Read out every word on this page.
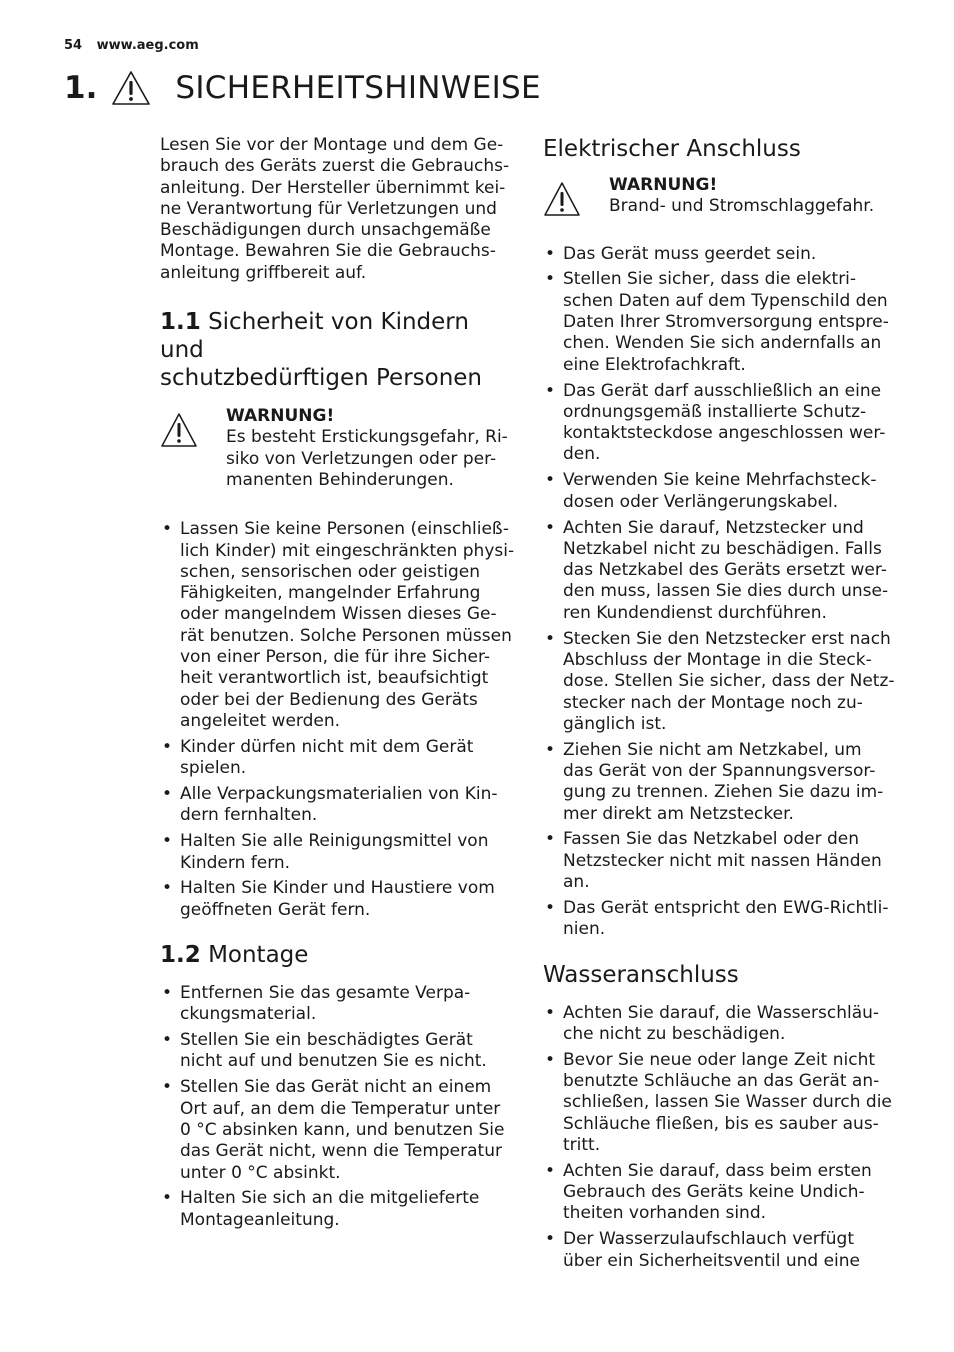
54 www.aeg.com
1.	SICHERHEITSHINWEISE

Lesen Sie vor der Montage und dem Ge-
brauch des Geräts zuerst die Gebrauchs-
anleitung. Der Hersteller übernimmt kei-
ne Verantwortung für Verletzungen und
Beschädigungen durch unsachgemäße
Montage. Bewahren Sie die Gebrauchs-
anleitung griffbereit auf.

1.1 Sicherheit von Kindern und
schutzbedürftigen Personen
WARNUNG!
Es besteht Erstickungsgefahr, Ri-
siko von Verletzungen oder per-
manenten Behinderungen.
• Lassen Sie keine Personen (einschließ-
lich Kinder) mit eingeschränkten physi-
schen, sensorischen oder geistigen
Fähigkeiten, mangelnder Erfahrung
oder mangelndem Wissen dieses Ge-
rät benutzen. Solche Personen müssen
von einer Person, die für ihre Sicher-
heit verantwortlich ist, beaufsichtigt
oder bei der Bedienung des Geräts
angeleitet werden.
• Kinder dürfen nicht mit dem Gerät
spielen.
• Alle Verpackungsmaterialien von Kin-
dern fernhalten.
• Halten Sie alle Reinigungsmittel von
Kindern fern.
• Halten Sie Kinder und Haustiere vom
geöffneten Gerät fern.
1.2 Montage
• Entfernen Sie das gesamte Verpa-
ckungsmaterial.
• Stellen Sie ein beschädigtes Gerät
nicht auf und benutzen Sie es nicht.
• Stellen Sie das Gerät nicht an einem
Ort auf, an dem die Temperatur unter
0 °C absinken kann, und benutzen Sie
das Gerät nicht, wenn die Temperatur
unter 0 °C absinkt.
• Halten Sie sich an die mitgelieferte
Montageanleitung.
Elektrischer Anschluss
WARNUNG!
Brand- und Stromschlaggefahr.
• Das Gerät muss geerdet sein.
• Stellen Sie sicher, dass die elektri-
schen Daten auf dem Typenschild den
Daten Ihrer Stromversorgung entspre-
chen. Wenden Sie sich andernfalls an
eine Elektrofachkraft.
• Das Gerät darf ausschließlich an eine
ordnungsgemäß installierte Schutz-
kontaktsteckdose angeschlossen wer-
den.
• Verwenden Sie keine Mehrfachsteck-
dosen oder Verlängerungskabel.
• Achten Sie darauf, Netzstecker und
Netzkabel nicht zu beschädigen. Falls
das Netzkabel des Geräts ersetzt wer-
den muss, lassen Sie dies durch unse-
ren Kundendienst durchführen.
• Stecken Sie den Netzstecker erst nach
Abschluss der Montage in die Steck-
dose. Stellen Sie sicher, dass der Netz-
stecker nach der Montage noch zu-
gänglich ist.
• Ziehen Sie nicht am Netzkabel, um
das Gerät von der Spannungsversor-
gung zu trennen. Ziehen Sie dazu im-
mer direkt am Netzstecker.
• Fassen Sie das Netzkabel oder den
Netzstecker nicht mit nassen Händen
an.
• Das Gerät entspricht den EWG-Richtli-
nien.
Wasseranschluss
• Achten Sie darauf, die Wasserschläu-
che nicht zu beschädigen.
• Bevor Sie neue oder lange Zeit nicht
benutzte Schläuche an das Gerät an-
schließen, lassen Sie Wasser durch die
Schläuche fließen, bis es sauber aus-
tritt.
• Achten Sie darauf, dass beim ersten
Gebrauch des Geräts keine Undich-
theiten vorhanden sind.
• Der Wasserzulaufschlauch verfügt
über ein Sicherheitsventil und eine
